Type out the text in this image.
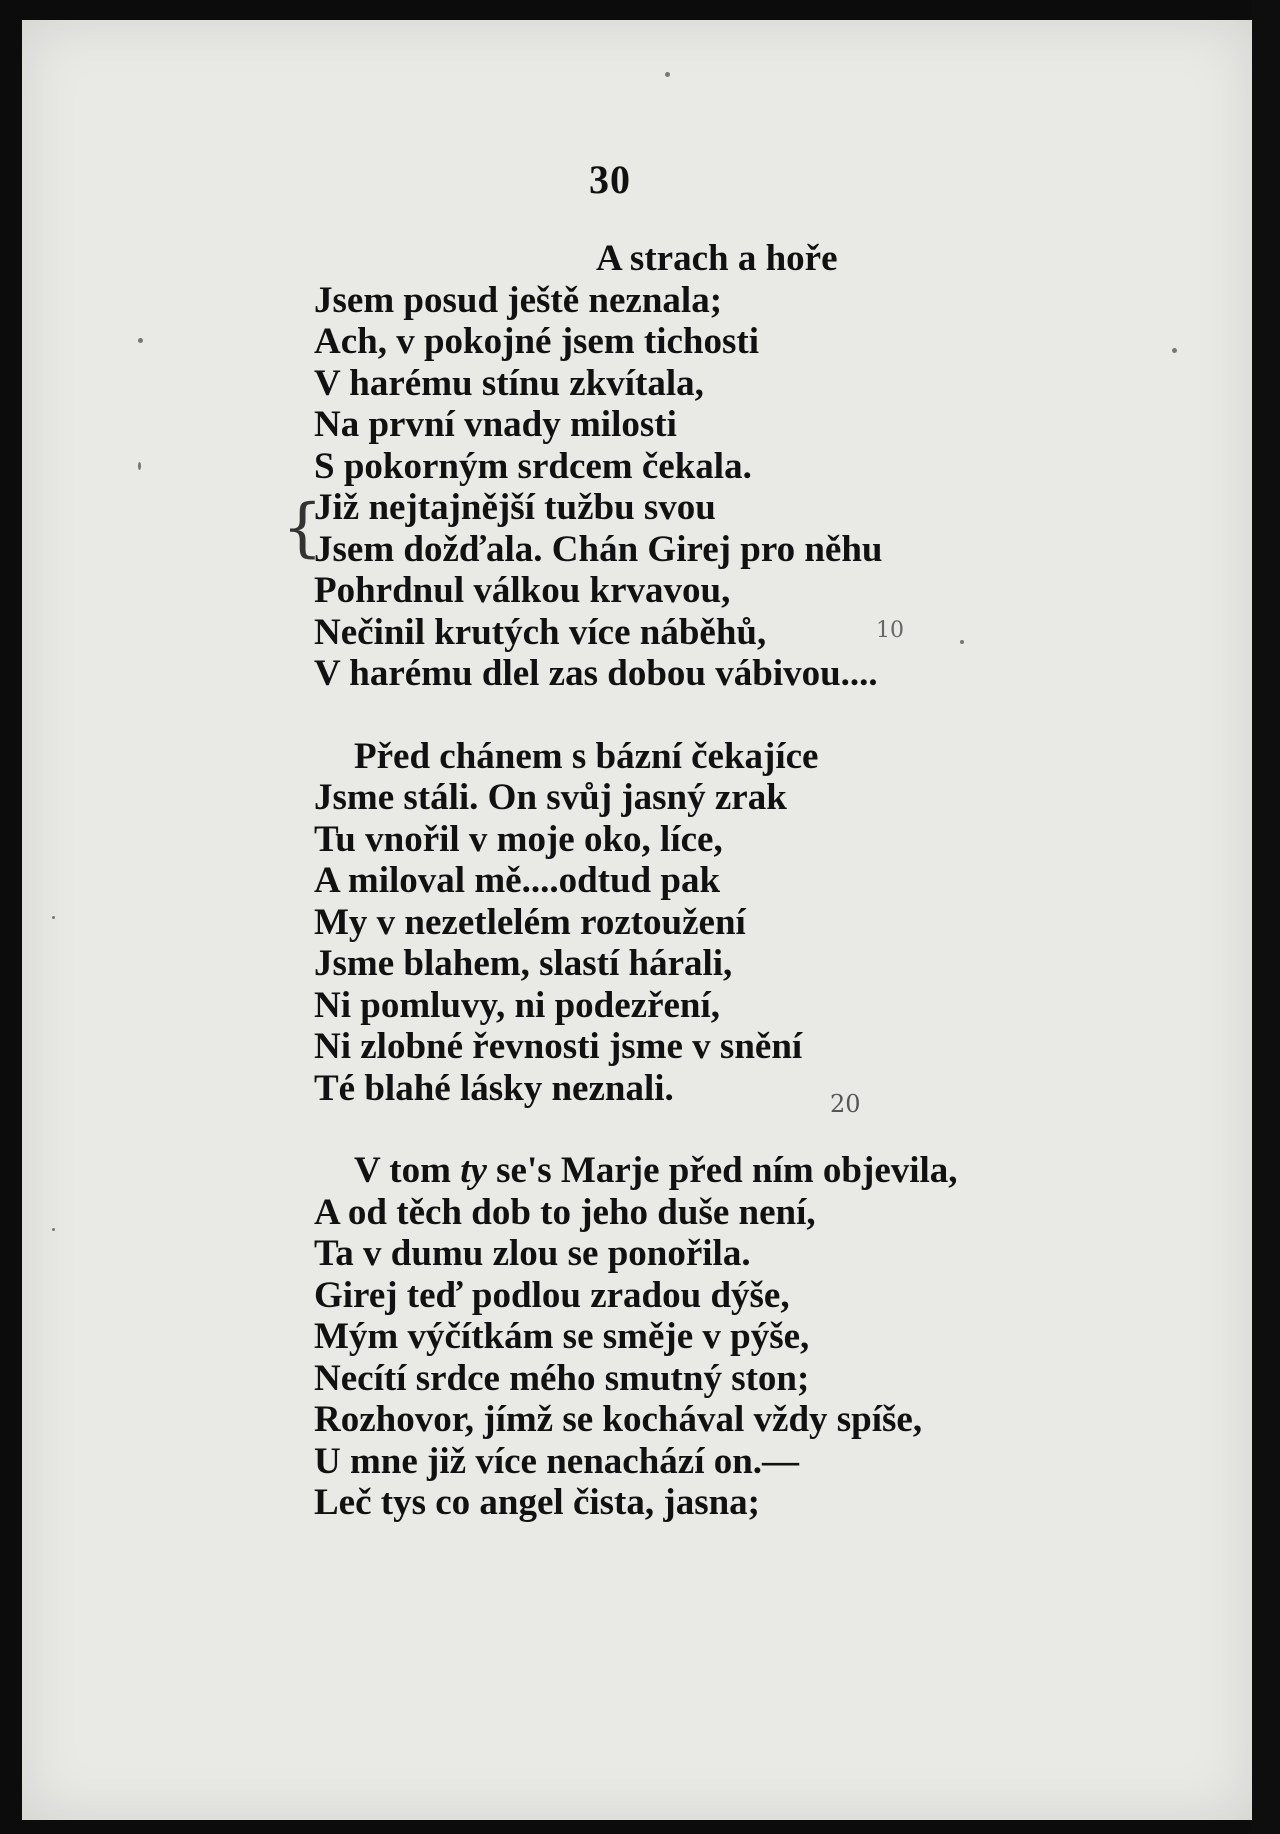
30
{
10
20
A strach a hoře
Jsem posud ještě neznala;
Ach, v pokojné jsem tichosti
V harému stínu zkvítala,
Na první vnady milosti
S pokorným srdcem čekala.
Již nejtajnější tužbu svou
Jsem dožďala. Chán Girej pro něhu
Pohrdnul válkou krvavou,
Nečinil krutých více náběhů,
V harému dlel zas dobou vábivou....
Před chánem s bázní čekajíce
Jsme stáli. On svůj jasný zrak
Tu vnořil v moje oko, líce,
A miloval mě....odtud pak
My v nezetlelém roztoužení
Jsme blahem, slastí hárali,
Ni pomluvy, ni podezření,
Ni zlobné řevnosti jsme v snění
Té blahé lásky neznali.
V tom ty se's Marje před ním objevila,
A od těch dob to jeho duše není,
Ta v dumu zlou se ponořila.
Girej teď podlou zradou dýše,
Mým výčítkám se směje v pýše,
Necítí srdce mého smutný ston;
Rozhovor, jímž se kochával vždy spíše,
U mne již více nenachází on.—
Leč tys co angel čista, jasna;
